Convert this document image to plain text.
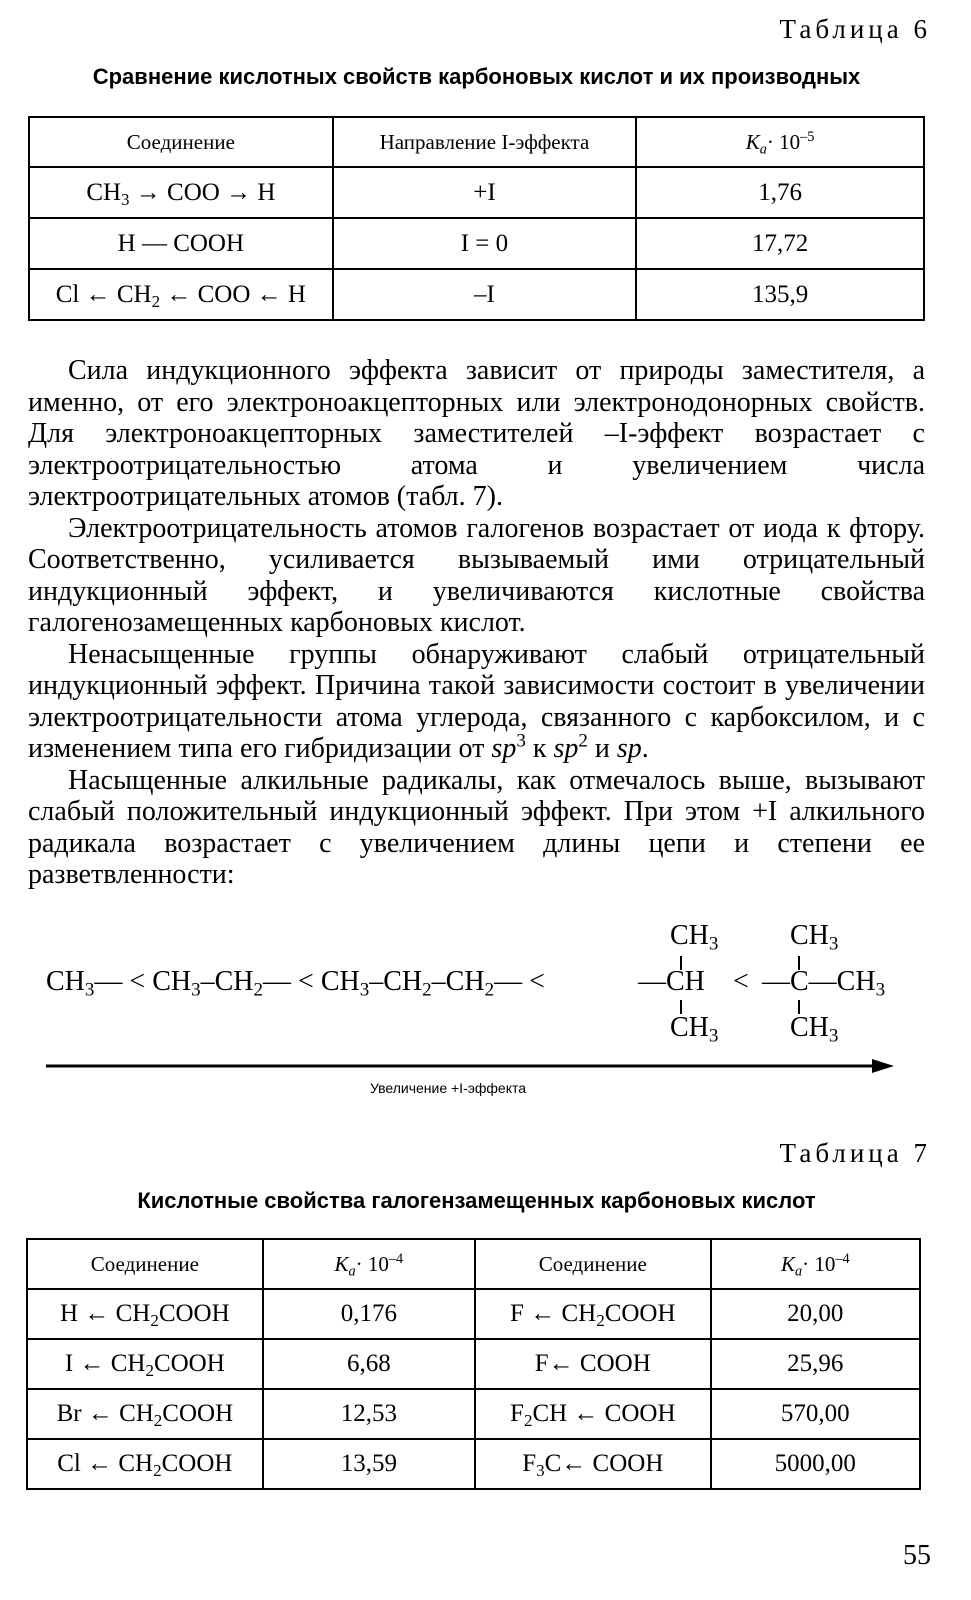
Таблица 6
Сравнение кислотных свойств карбоновых кислот и их производных
Соединение	Направление I-эффекта	$K_a\cdot 10^{-5}$
$CH_3$ → COO → H	+I	1,76
H — COOH	I = 0	17,72
Cl ← $CH_2$ ← COO ← H	–I	135,9

Сила индукционного эффекта зависит от природы заместителя, а именно, от его электроноакцепторных или электронодонорных свойств. Для электроноакцепторных заместителей –I-эффект возрастает с электроотрицательностью атома и увеличением числа электроотрицательных атомов (табл. 7).

Электроотрицательность атомов галогенов возрастает от иода к фтору. Соответственно, усиливается вызываемый ими отрицательный индукционный эффект, и увеличиваются кислотные свойства галогенозамещенных карбоновых кислот.

Ненасыщенные группы обнаруживают слабый отрицательный индукционный эффект. Причина такой зависимости состоит в увеличении электроотрицательности атома углерода, связанного с карбоксилом, и с изменением типа его гибридизации от $sp^3$ к $sp^2$ и sp.

Насыщенные алкильные радикалы, как отмечалось выше, вызывают слабый положительный индукционный эффект. При этом +I алкильного радикала возрастает с увеличением длины цепи и степени ее разветвленности:

$CH_3—$ < $CH_3-CH_2—$ < $CH_3-CH_2-CH_2—$ <
$CH_3$
—CH
$CH_3$
<
$CH_3$
$—C—CH_3$
$CH_3$
Увеличение +I-эффекта
Таблица 7
Кислотные свойства галогензамещенных карбоновых кислот
Соединение	$K_a\cdot 10^{-4}$	Соединение	$K_a\cdot 10^{-4}$
H ← $CH_2COOH$	0,176	F ← $CH_2COOH$	20,00
I ← $CH_2COOH$	6,68	F← COOH	25,96
Br ← $CH_2COOH$	12,53	$F_2CH$ ← COOH	570,00
Cl ← $CH_2COOH$	13,59	$F_3C\leftarrow$ COOH	5000,00
55
